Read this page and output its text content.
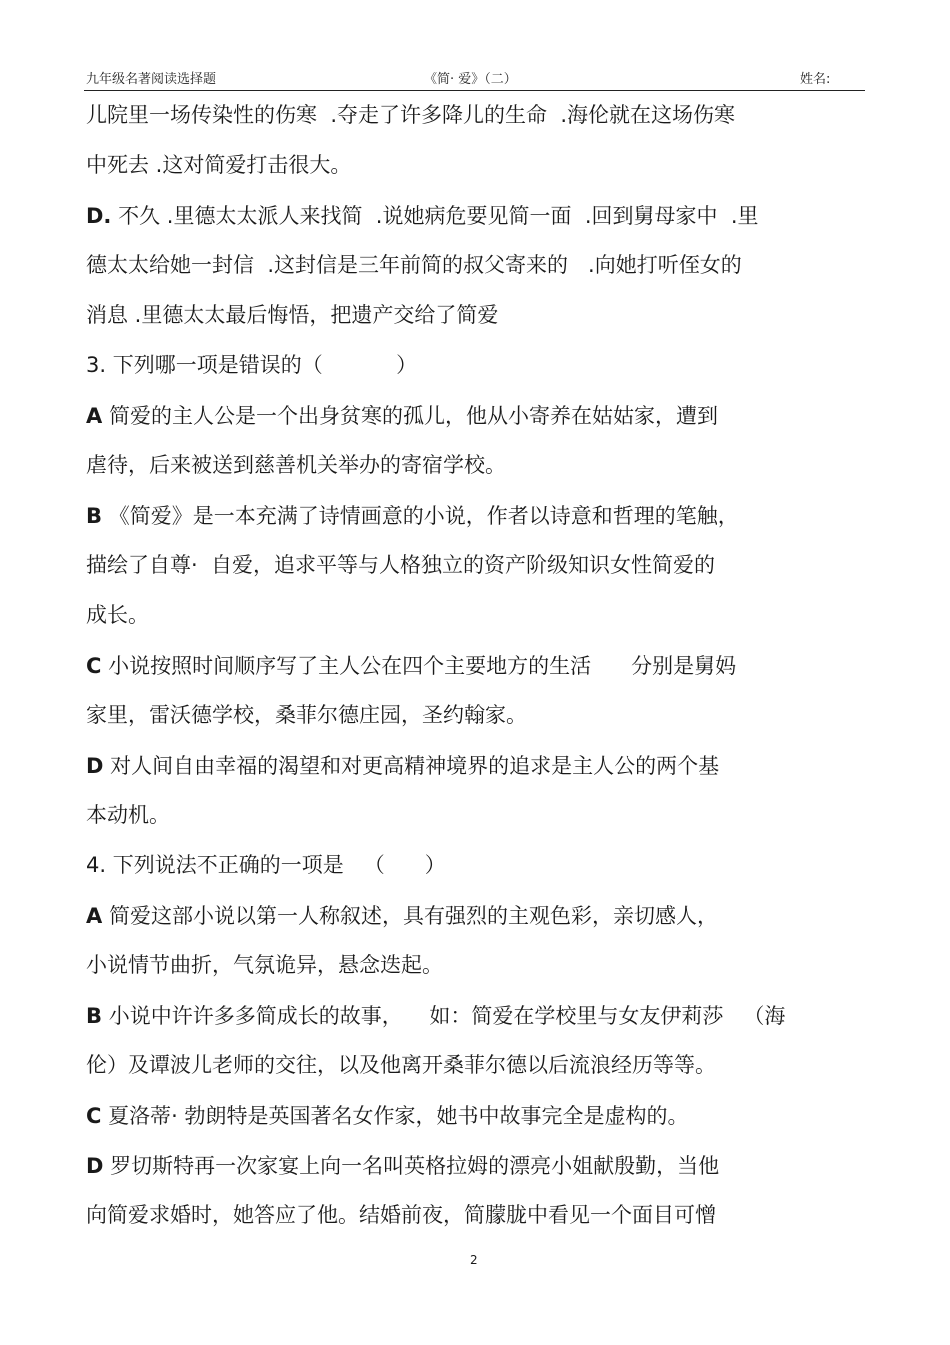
九年级名著阅读选择题	《简· 爱》（二）	姓名:
儿院里一场传染性的伤寒  .夺走了许多降儿的生命  .海伦就在这场伤寒
中死去 .这对简爱打击很大。
D. 不久 .里德太太派人来找简  .说她病危要见简一面  .回到舅母家中  .里
德太太给她一封信  .这封信是三年前简的叔父寄来的   .向她打听侄女的
消息 .里德太太最后悔悟，把遗产交给了简爱
3. 下列哪一项是错误的（           ）
A 简爱的主人公是一个出身贫寒的孤儿，他从小寄养在姑姑家，遭到
虐待，后来被送到慈善机关举办的寄宿学校。
B 《简爱》是一本充满了诗情画意的小说，作者以诗意和哲理的笔触，
描绘了自尊·  自爱，追求平等与人格独立的资产阶级知识女性简爱的
成长。
C 小说按照时间顺序写了主人公在四个主要地方的生活      分别是舅妈
家里，雷沃德学校，桑菲尔德庄园，圣约翰家。
D 对人间自由幸福的渴望和对更高精神境界的追求是主人公的两个基
本动机。
4. 下列说法不正确的一项是   （      ）
A 简爱这部小说以第一人称叙述，具有强烈的主观色彩，亲切感人，
小说情节曲折，气氛诡异，悬念迭起。
B 小说中许许多多简成长的故事，    如：简爱在学校里与女友伊莉莎   （海
伦）及谭波儿老师的交往，以及他离开桑菲尔德以后流浪经历等等。
C 夏洛蒂· 勃朗特是英国著名女作家，她书中故事完全是虚构的。
D 罗切斯特再一次家宴上向一名叫英格拉姆的漂亮小姐献殷勤，当他
向简爱求婚时，她答应了他。结婚前夜，简朦胧中看见一个面目可憎
2
